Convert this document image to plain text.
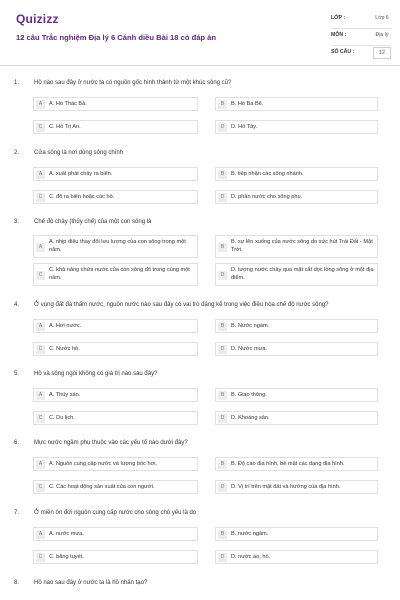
Quizizz
12 câu Trắc nghiệm Địa lý 6 Cánh diều Bài 18 có đáp án
LỚP :	Lớp 6
MÔN :	Địa lý
SỐ CÂU :	12
1. Hồ nào sau đây ở nước ta có nguồn gốc hình thành từ một khúc sông cũ?
A	A. Hồ Thác Bà.	B	B. Hồ Ba Bể.
C	C. Hồ Trị An.	D	D. Hồ Tây.
2. Cửa sông là nơi dòng sông chính
A	A. xuất phát chảy ra biển.	B	B. tiếp nhận các sông nhánh.
C	C. đổ ra biển hoặc các hồ.	D	D. phân nước cho sông phụ.
3. Chế độ chảy (thủy chế) của một con sông là
A
A. nhịp điệu thay đổi lưu lượng của con sông trong một năm.	B
B. sự lên xuống của nước sông do sức hút Trái Đất - Mặt Trời.
C
C. khả năng chứa nước của con sông đó trong cùng một năm.	D
D. lượng nước chảy qua mặt cắt dọc lòng sông ở một địa điểm.
4. Ở vùng đất đá thấm nước, nguồn nước nào sau đây có vai trò đáng kể trong việc điều hòa chế độ nước sông?
A	A. Hơi nước.	B	B. Nước ngầm.
C	C. Nước hồ.	D	D. Nước mưa.
5. Hồ và sông ngòi không có giá trị nào sau đây?
A	A. Thủy sản.	B	B. Giao thông.
C	C. Du lịch.	D	D. Khoáng sản.
6. Mực nước ngầm phụ thuộc vào các yếu tố nào dưới đây?
A	A. Nguồn cung cấp nước và lượng bốc hơi.	B	B. Độ cao địa hình, bề mặt các dạng địa hình.
C	C. Các hoạt động sản xuất của con người.	D	D. Vị trí trên mặt đất và hướng của địa hình.
7. Ở miền ôn đới nguồn cung cấp nước cho sông chủ yếu là do
A	A. nước mưa.	B	B. nước ngầm.
C	C. băng tuyết.	D	D. nước ao, hồ.
8. Hồ nào sau đây ở nước ta là hồ nhân tạo?
